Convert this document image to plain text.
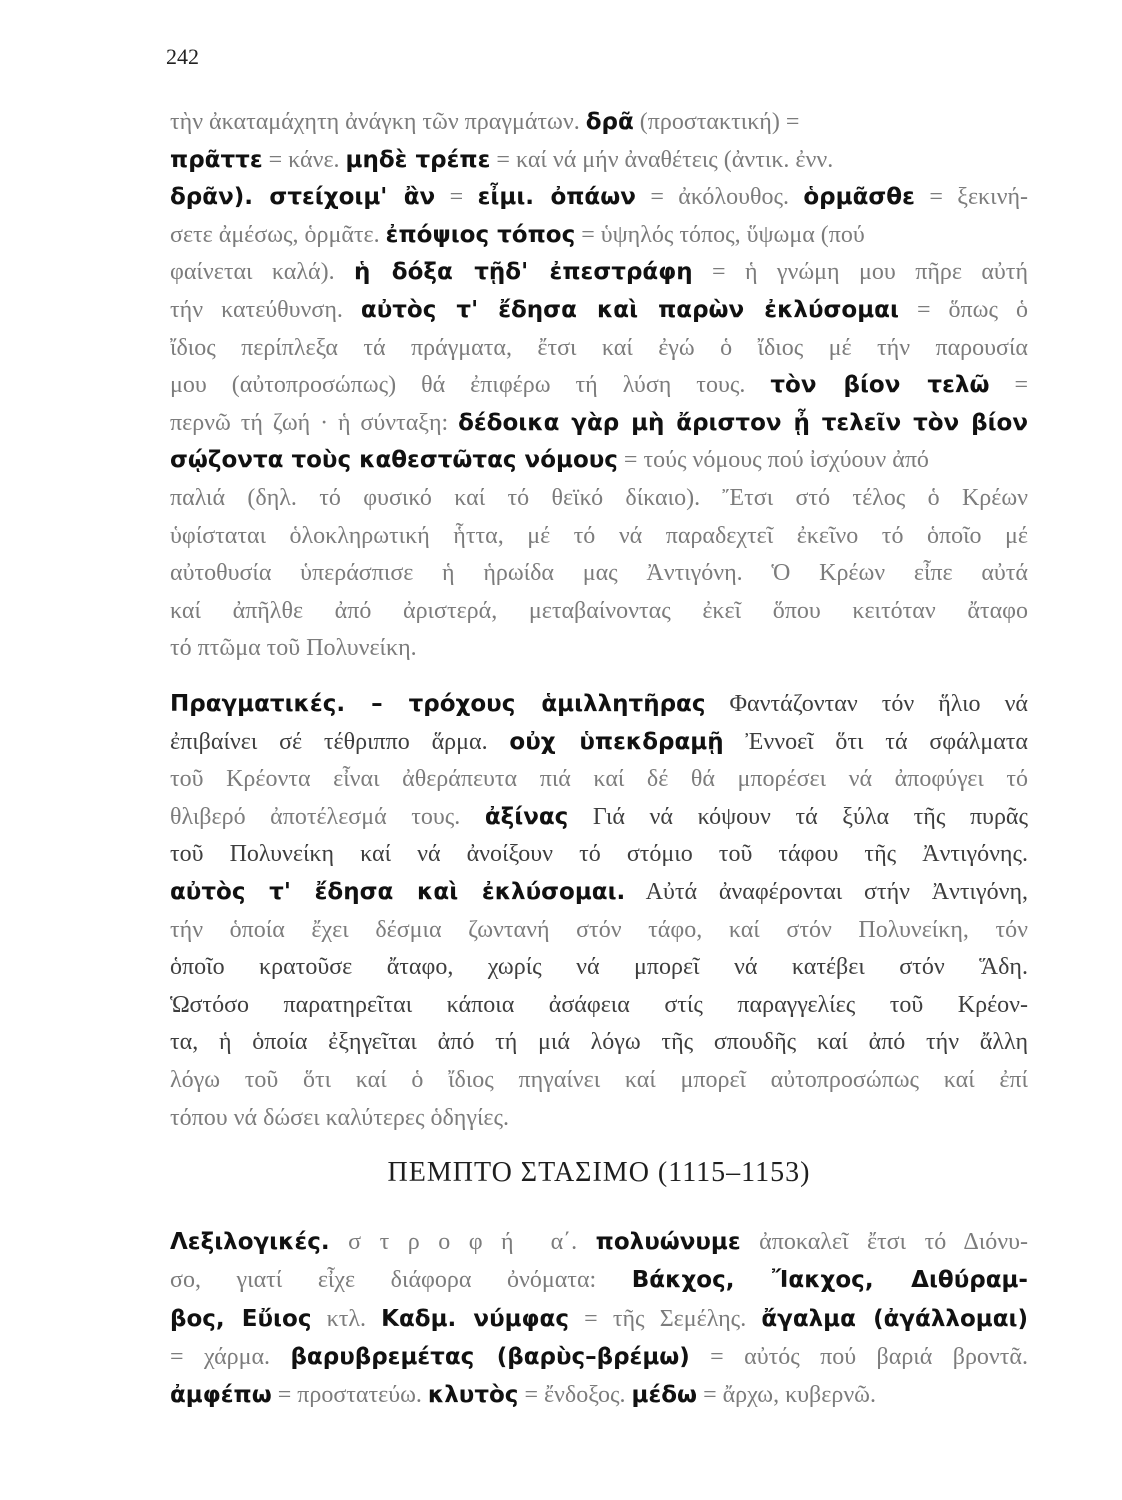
242
τὴν ἀκαταμάχητη ἀνάγκη τῶν πραγμάτων. δρᾶ (προστακτική) =
πρᾶττε = κάνε. μηδὲ τρέπε = καί νά μήν ἀναθέτεις (ἀντικ. ἐνν.
δρᾶν). στείχοιμ' ἂν = εἶμι. ὀπάων = ἀκόλουθος. ὁρμᾶσθε = ξεκινή-
σετε ἀμέσως, ὁρμᾶτε. ἐπόψιος τόπος = ὑψηλός τόπος, ὕψωμα (πού
φαίνεται καλά). ἡ δόξα τῇδ' ἐπεστράφη = ἡ γνώμη μου πῆρε αὐτή
τήν κατεύθυνση. αὐτὸς τ' ἔδησα καὶ παρὼν ἐκλύσομαι = ὅπως ὁ
ἴδιος περίπλεξα τά πράγματα, ἔτσι καί ἐγώ ὁ ἴδιος μέ τήν παρουσία
μου (αὐτοπροσώπως) θά ἐπιφέρω τή λύση τους. τὸν βίον τελῶ =
περνῶ τή ζωή · ἡ σύνταξη: δέδοικα γὰρ μὴ ἄριστον ᾖ τελεῖν τὸν βίον
σῴζοντα τοὺς καθεστῶτας νόμους = τούς νόμους πού ἰσχύουν ἀπό
παλιά (δηλ. τό φυσικό καί τό θεϊκό δίκαιο). Ἔτσι στό τέλος ὁ Κρέων
ὑφίσταται ὁλοκληρωτική ἧττα, μέ τό νά παραδεχτεῖ ἐκεῖνο τό ὁποῖο μέ
αὐτοθυσία ὑπεράσπισε ἡ ἡρωίδα μας Ἀντιγόνη. Ὁ Κρέων εἶπε αὐτά
καί ἀπῆλθε ἀπό ἀριστερά, μεταβαίνοντας ἐκεῖ ὅπου κειτόταν ἄταφο
τό πτῶμα τοῦ Πολυνείκη.
Πραγματικές. – τρόχους ἁμιλλητῆρας Φαντάζονταν τόν ἥλιο νά
ἐπιβαίνει σέ τέθριππο ἅρμα. οὐχ ὑπεκδραμῇ Ἐννοεῖ ὅτι τά σφάλματα
τοῦ Κρέοντα εἶναι ἀθεράπευτα πιά καί δέ θά μπορέσει νά ἀποφύγει τό
θλιβερό ἀποτέλεσμά τους. ἀξίνας Γιά νά κόψουν τά ξύλα τῆς πυρᾶς
τοῦ Πολυνείκη καί νά ἀνοίξουν τό στόμιο τοῦ τάφου τῆς Ἀντιγόνης.
αὐτὸς τ' ἔδησα καὶ ἐκλύσομαι. Αὐτά ἀναφέρονται στήν Ἀντιγόνη,
τήν ὁποία ἔχει δέσμια ζωντανή στόν τάφο, καί στόν Πολυνείκη, τόν
ὁποῖο κρατοῦσε ἄταφο, χωρίς νά μπορεῖ νά κατέβει στόν Ἅδη.
Ὡστόσο παρατηρεῖται κάποια ἀσάφεια στίς παραγγελίες τοῦ Κρέον-
τα, ἡ ὁποία ἐξηγεῖται ἀπό τή μιά λόγω τῆς σπουδῆς καί ἀπό τήν ἄλλη
λόγω τοῦ ὅτι καί ὁ ἴδιος πηγαίνει καί μπορεῖ αὐτοπροσώπως καί ἐπί
τόπου νά δώσει καλύτερες ὁδηγίες.
ΠΕΜΠΤΟ ΣΤΑΣΙΜΟ (1115–1153)
Λεξιλογικές. σ τ ρ ο φ ή  α΄. πολυώνυμε ἀποκαλεῖ ἔτσι τό Διόνυ-
σο, γιατί εἶχε διάφορα ὀνόματα: Βάκχος, Ἴακχος, Διθύραμ-
βος, Εὔιος κτλ. Καδμ. νύμφας = τῆς Σεμέλης. ἄγαλμα (ἀγάλλομαι)
= χάρμα. βαρυβρεμέτας (βαρὺς–βρέμω) = αὐτός πού βαριά βροντᾶ.
ἀμφέπω = προστατεύω. κλυτὸς = ἔνδοξος. μέδω = ἄρχω, κυβερνῶ.
